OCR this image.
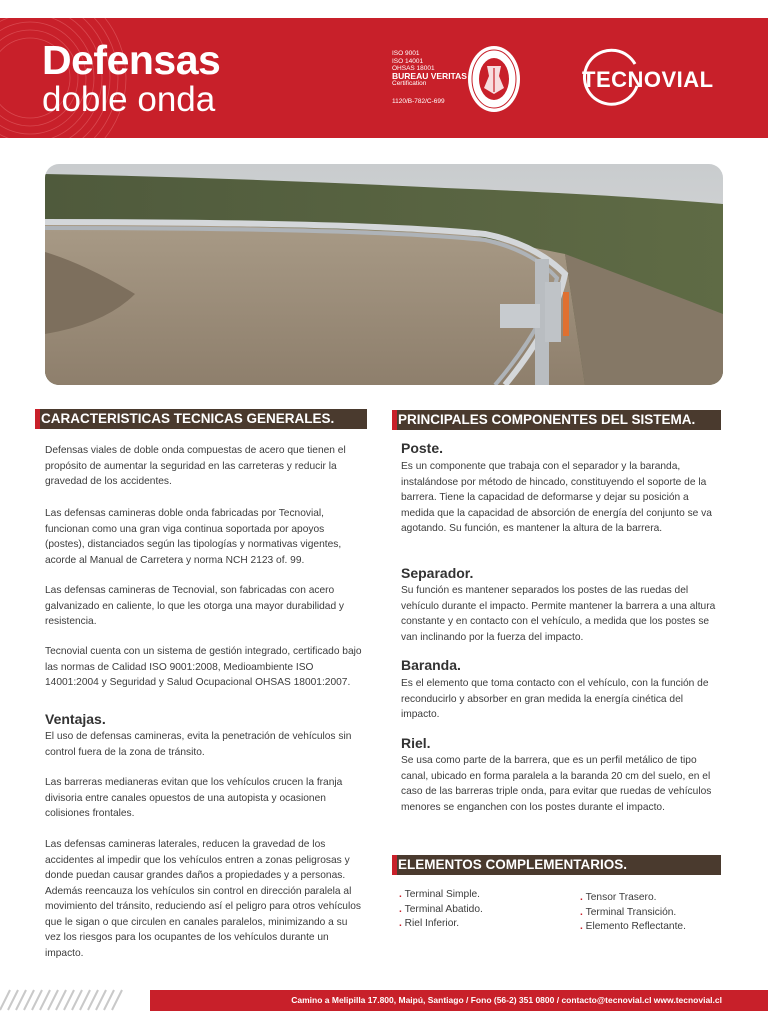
Defensas
doble onda
ISO 9001
ISO 14001
OHSAS 18001
BUREAU VERITAS
Certification
1120/B-782/C-699
TECNOVIAL
CARACTERISTICAS TECNICAS GENERALES.
Defensas viales de doble onda compuestas de acero que tienen el propósito de aumentar la seguridad en las carreteras y reducir la gravedad de los accidentes.
Las defensas camineras doble onda fabricadas por Tecnovial, funcionan como una gran viga continua soportada por apoyos (postes), distanciados según las tipologías y normativas vigentes, acorde al Manual de Carretera y norma NCH 2123 of. 99.
Las defensas camineras de Tecnovial, son fabricadas con acero galvanizado en caliente, lo que les otorga una mayor durabilidad y resistencia.
Tecnovial cuenta con un sistema de gestión integrado, certificado bajo las normas de Calidad ISO 9001:2008, Medioambiente ISO 14001:2004 y Seguridad y Salud Ocupacional OHSAS 18001:2007.
Ventajas.
El uso de defensas camineras, evita la penetración de vehículos sin control fuera de la zona de tránsito.
Las barreras medianeras evitan que los vehículos crucen la franja divisoria entre canales opuestos de una autopista y ocasionen colisiones frontales.
Las defensas camineras laterales, reducen la gravedad de los accidentes al impedir que los vehículos entren a zonas peligrosas y donde puedan causar grandes daños a propiedades y a personas. Además reencauza los vehículos sin control en dirección paralela al movimiento del tránsito, reduciendo así el peligro para otros vehículos que le sigan o que circulen en canales paralelos, minimizando a su vez los riesgos para los ocupantes de los vehículos durante un impacto.
PRINCIPALES COMPONENTES DEL SISTEMA.
Poste.
Es un componente que trabaja con el separador y la baranda, instalándose por método de hincado, constituyendo el soporte de la barrera. Tiene la capacidad de deformarse y dejar su posición a medida que la capacidad de absorción de energía del conjunto se va agotando. Su función, es mantener la altura de la barrera.
Separador.
Su función es mantener separados los postes de las ruedas del vehículo durante el impacto. Permite mantener la barrera a una altura constante y en contacto con el vehículo, a medida que los postes se van inclinando por la fuerza del impacto.
Baranda.
Es el elemento que toma contacto con el vehículo, con la función de reconducirlo y absorber en gran medida la energía cinética del impacto.
Riel.
Se usa como parte de la barrera, que es un perfil metálico de tipo canal, ubicado en forma paralela a la baranda 20 cm del suelo, en el caso de las barreras triple onda, para evitar que ruedas de vehículos menores se enganchen con los postes durante el impacto.
ELEMENTOS COMPLEMENTARIOS.
. Terminal Simple.
. Terminal Abatido.
. Riel Inferior.
. Tensor Trasero.
. Terminal Transición.
. Elemento Reflectante.
Camino a Melipilla 17.800, Maipú, Santiago / Fono (56-2) 351 0800 / contacto@tecnovial.cl www.tecnovial.cl
